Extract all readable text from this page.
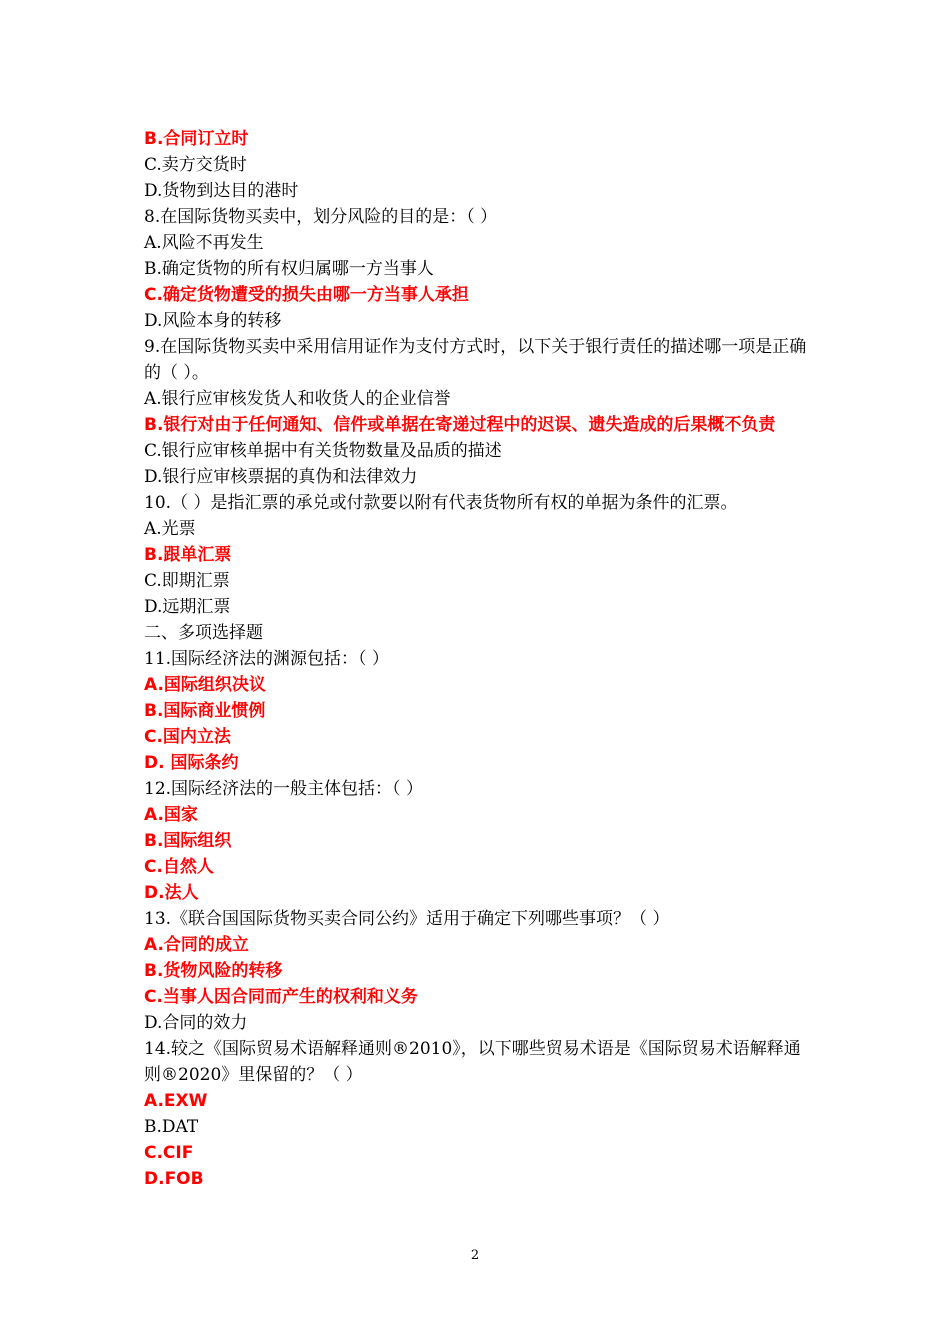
B.合同订立时
C.卖方交货时
D.货物到达目的港时
8.在国际货物买卖中，划分风险的目的是：（ ）
A.风险不再发生
B.确定货物的所有权归属哪一方当事人
C.确定货物遭受的损失由哪一方当事人承担
D.风险本身的转移
9.在国际货物买卖中采用信用证作为支付方式时，以下关于银行责任的描述哪一项是正确的（ ）。
A.银行应审核发货人和收货人的企业信誉
B.银行对由于任何通知、信件或单据在寄递过程中的迟误、遗失造成的后果概不负责
C.银行应审核单据中有关货物数量及品质的描述
D.银行应审核票据的真伪和法律效力
10.（ ）是指汇票的承兑或付款要以附有代表货物所有权的单据为条件的汇票。
A.光票
B.跟单汇票
C.即期汇票
D.远期汇票
二、多项选择题
11.国际经济法的渊源包括：（ ）
A.国际组织决议
B.国际商业惯例
C.国内立法
D. 国际条约
12.国际经济法的一般主体包括：（ ）
A.国家
B.国际组织
C.自然人
D.法人
13.《联合国国际货物买卖合同公约》适用于确定下列哪些事项？（ ）
A.合同的成立
B.货物风险的转移
C.当事人因合同而产生的权利和义务
D.合同的效力
14.较之《国际贸易术语解释通则®2010》，以下哪些贸易术语是《国际贸易术语解释通则®2020》里保留的？（ ）
A.EXW
B.DAT
C.CIF
D.FOB
2
